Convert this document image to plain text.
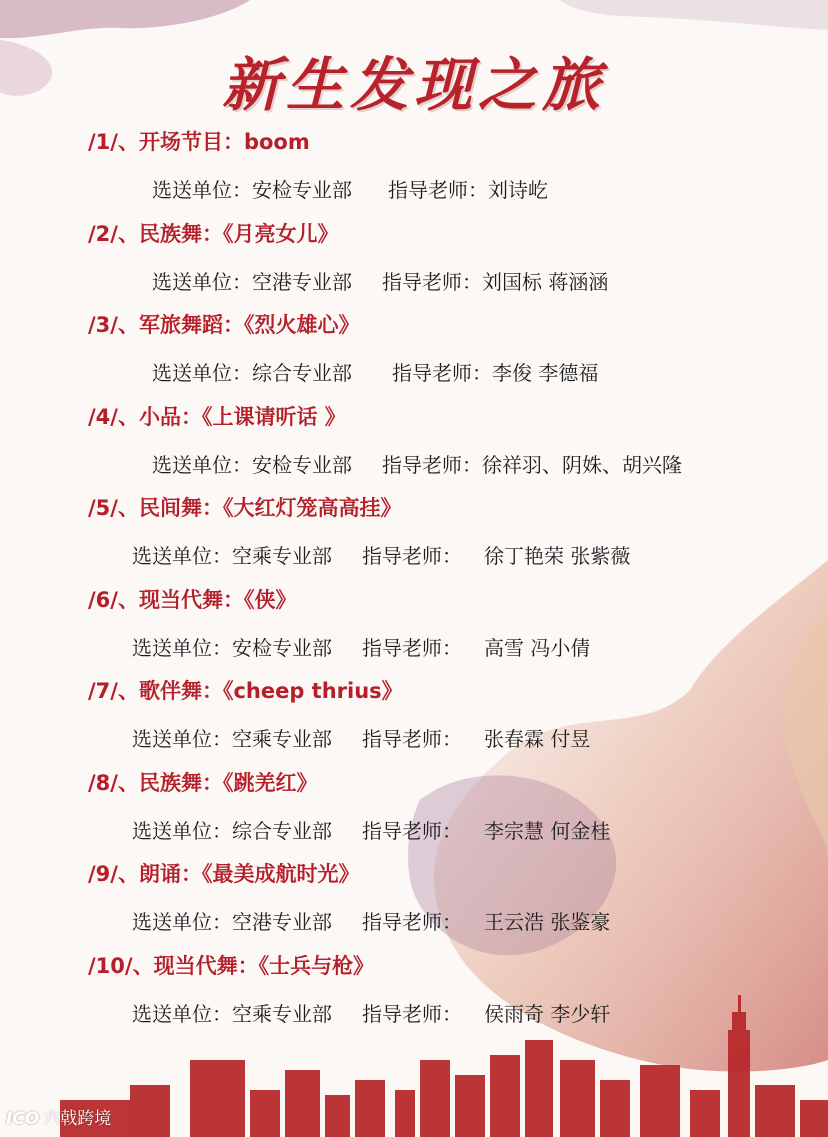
新生发现之旅
/1/、开场节目：boom
选送单位：安检专业部 指导老师：刘诗屹
/2/、民族舞：《月亮女儿》
选送单位：空港专业部 指导老师：刘国标 蒋涵涵
/3/、军旅舞蹈：《烈火雄心》
选送单位：综合专业部 指导老师：李俊 李德福
/4/、小品：《上课请听话 》
选送单位：安检专业部 指导老师：徐祥羽、阴姝、胡兴隆
/5/、民间舞：《大红灯笼高高挂》
选送单位：空乘专业部 指导老师： 徐丁艳荣 张紫薇
/6/、现当代舞：《侠》
选送单位：安检专业部 指导老师： 高雪 冯小倩
/7/、歌伴舞：《cheep thrius》
选送单位：空乘专业部 指导老师： 张春霖 付昱
/8/、民族舞：《跳羌红》
选送单位：综合专业部 指导老师： 李宗慧 何金桂
/9/、朗诵：《最美成航时光》
选送单位：空港专业部 指导老师： 王云浩 张鉴豪
/10/、现当代舞：《士兵与枪》
选送单位：空乘专业部 指导老师： 侯雨奇 李少轩
ICO 六戟跨境
